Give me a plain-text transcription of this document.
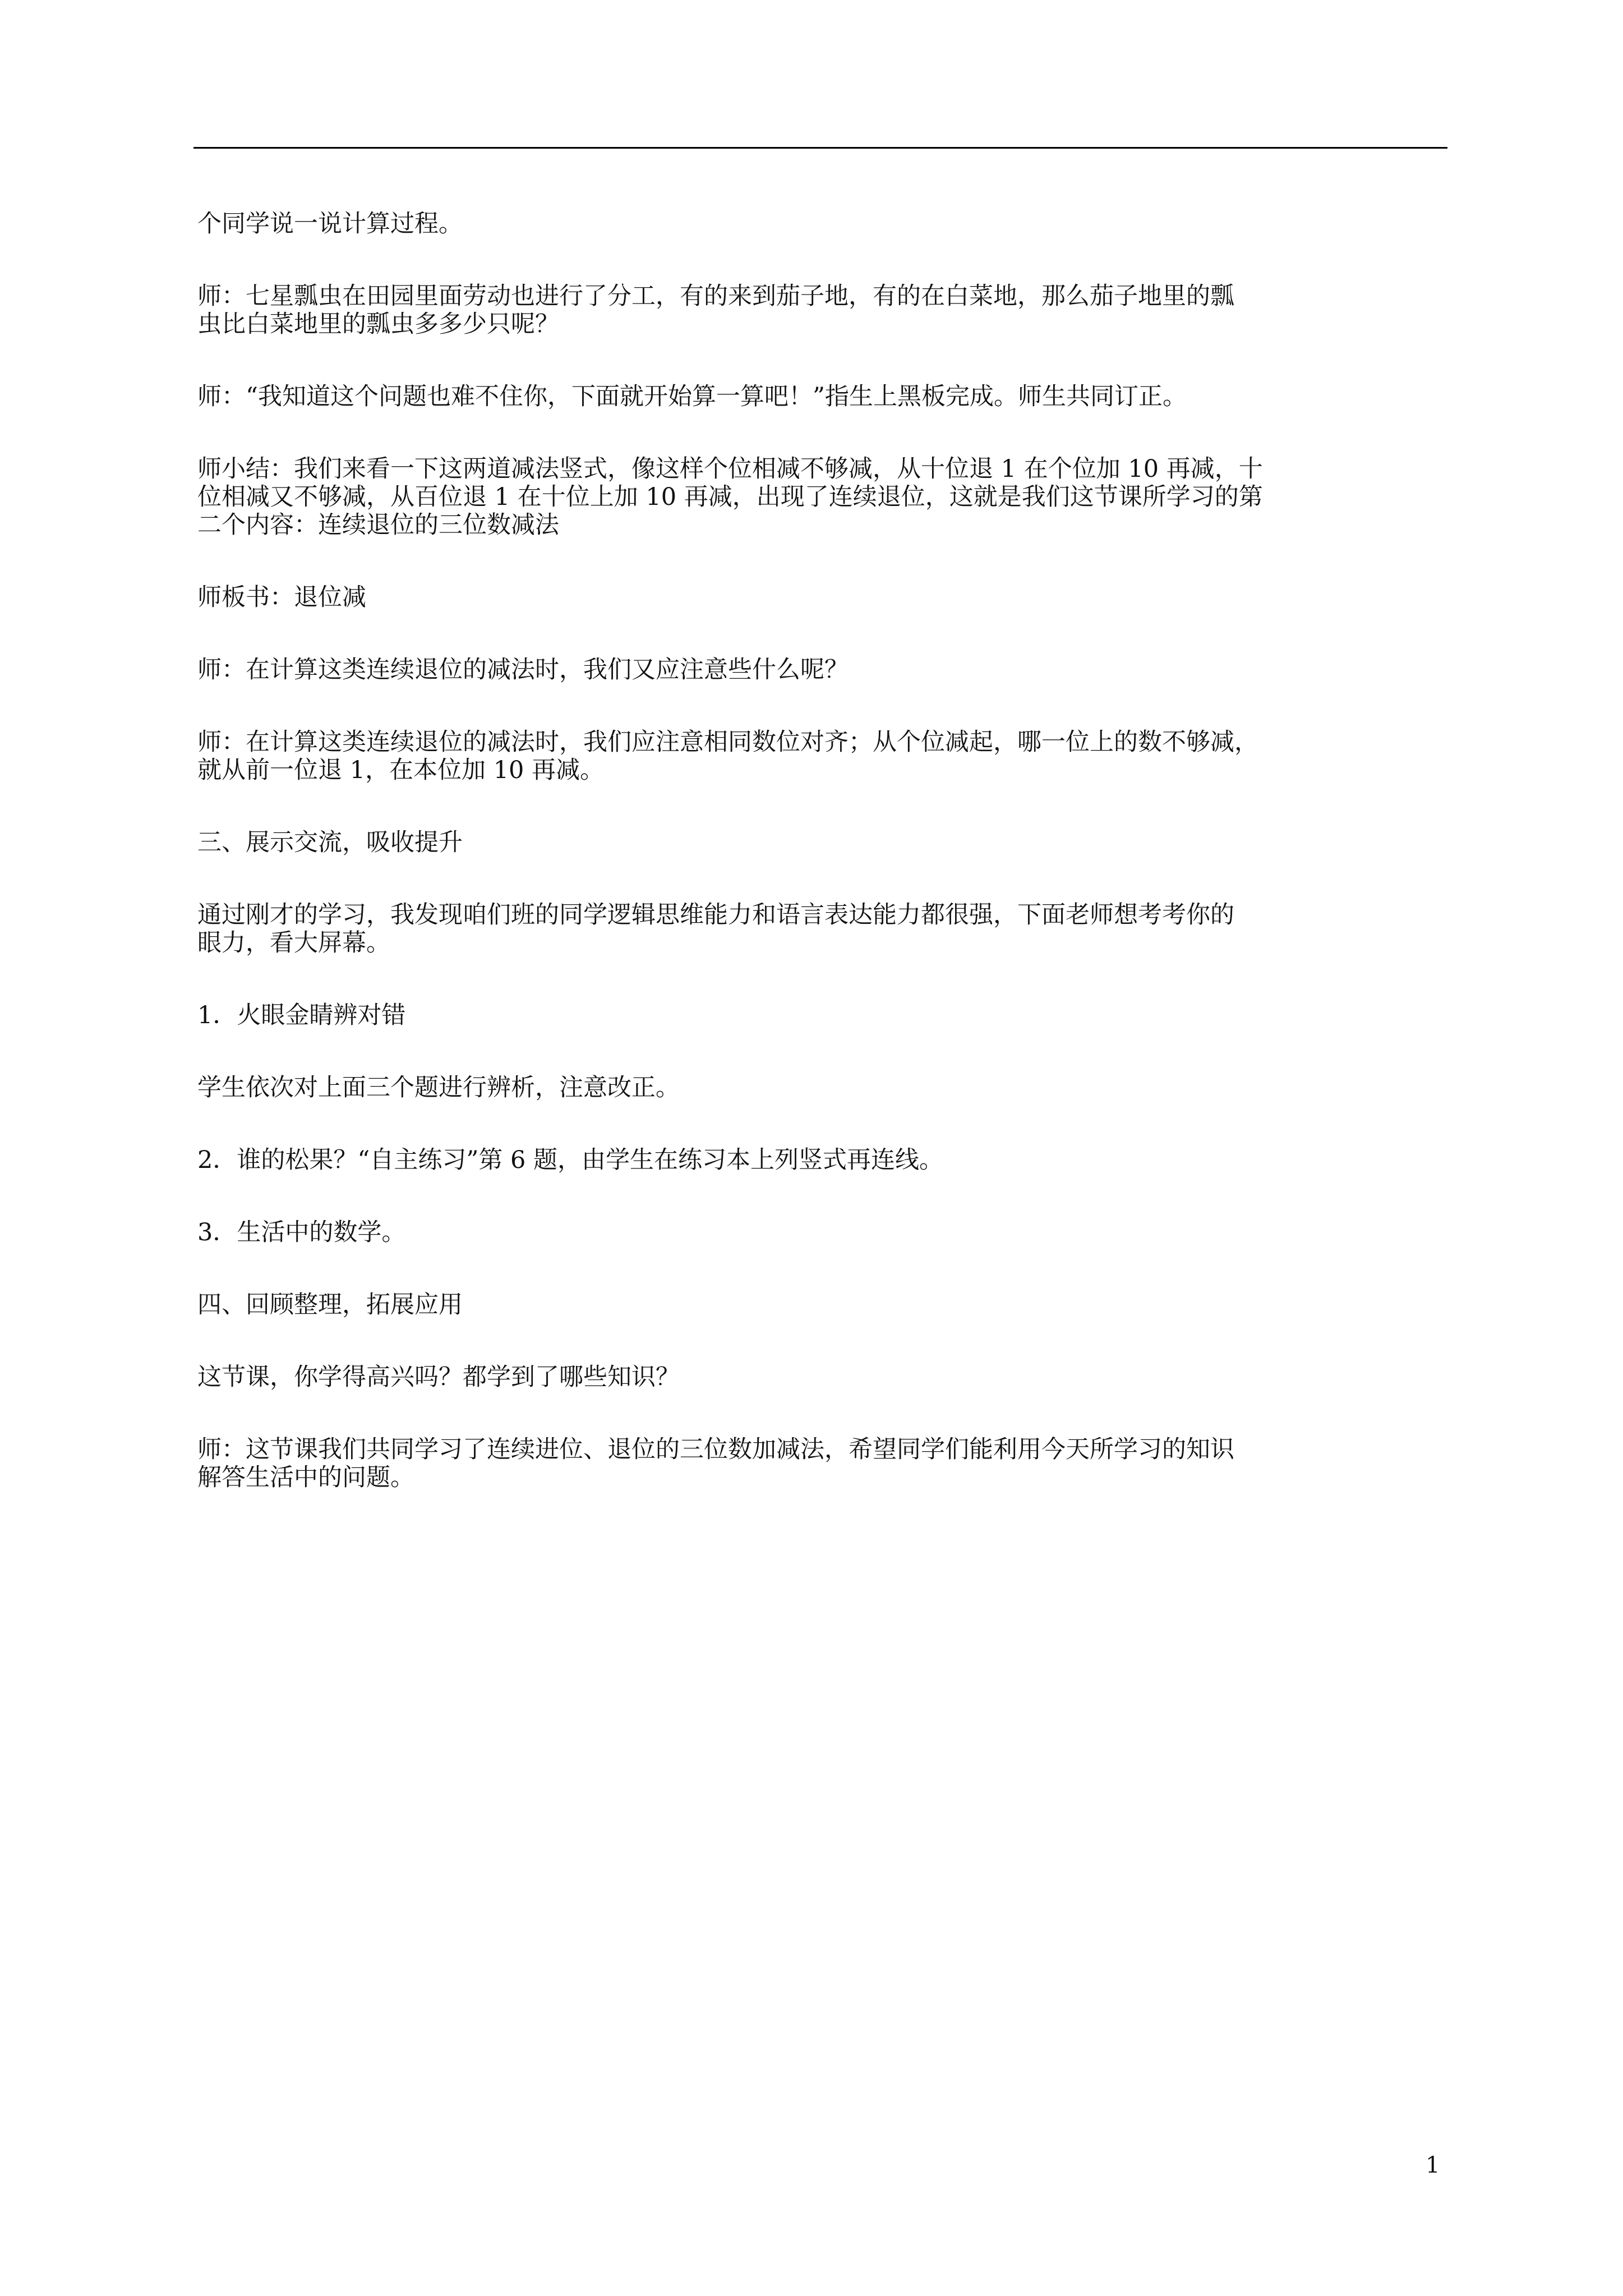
个同学说一说计算过程。

师：七星瓢虫在田园里面劳动也进行了分工，有的来到茄子地，有的在白菜地，那么茄子地里的瓢
虫比白菜地里的瓢虫多多少只呢？

师：“我知道这个问题也难不住你，下面就开始算一算吧！”指生上黑板完成。师生共同订正。

师小结：我们来看一下这两道减法竖式，像这样个位相减不够减，从十位退 1 在个位加 10 再减，十
位相减又不够减，从百位退 1 在十位上加 10 再减，出现了连续退位，这就是我们这节课所学习的第
二个内容：连续退位的三位数减法

师板书：退位减

师：在计算这类连续退位的减法时，我们又应注意些什么呢？

师：在计算这类连续退位的减法时，我们应注意相同数位对齐；从个位减起，哪一位上的数不够减，
就从前一位退 1，在本位加 10 再减。

三、展示交流，吸收提升

通过刚才的学习，我发现咱们班的同学逻辑思维能力和语言表达能力都很强，下面老师想考考你的
眼力，看大屏幕。

1．火眼金睛辨对错

学生依次对上面三个题进行辨析，注意改正。

2．谁的松果？“自主练习”第 6 题，由学生在练习本上列竖式再连线。

3．生活中的数学。

四、回顾整理，拓展应用

这节课，你学得高兴吗？都学到了哪些知识？

师：这节课我们共同学习了连续进位、退位的三位数加减法，希望同学们能利用今天所学习的知识
解答生活中的问题。

1
